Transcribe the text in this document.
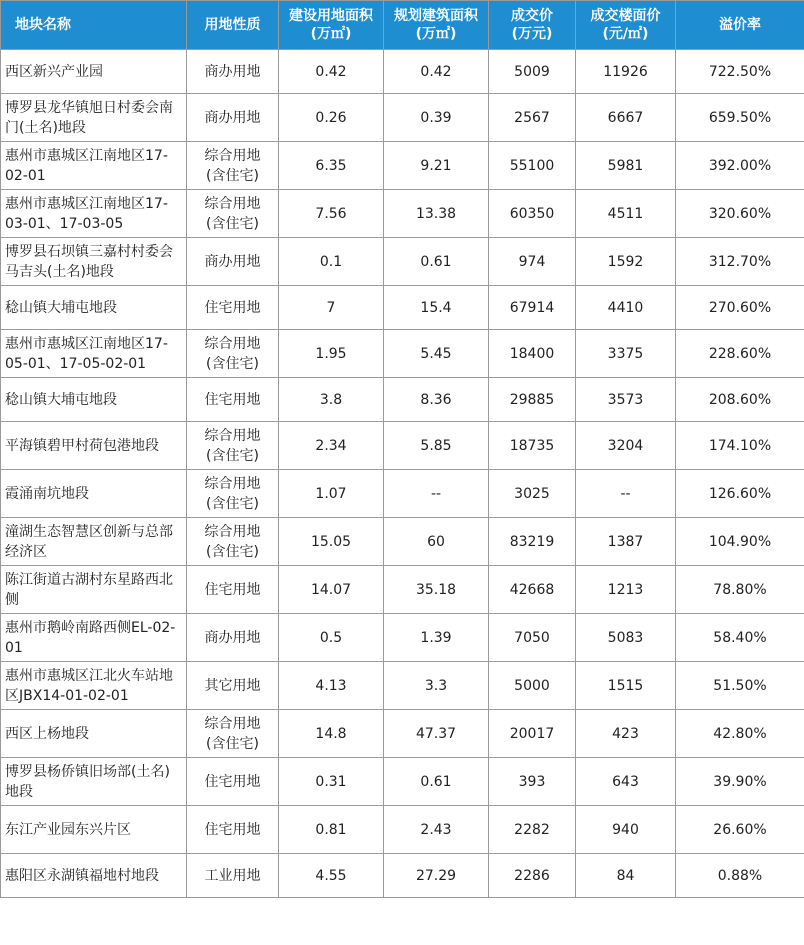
地块名称	用地性质	建设用地面积
(万㎡)	规划建筑面积
(万㎡)	成交价
(万元)	成交楼面价
(元/㎡)	溢价率

西区新兴产业园	商办用地	0.42	0.42	5009	11926	722.50%
博罗县龙华镇旭日村委会南门(土名)地段	商办用地	0.26	0.39	2567	6667	659.50%
惠州市惠城区江南地区17-02-01	综合用地
(含住宅)	6.35	9.21	55100	5981	392.00%
惠州市惠城区江南地区17-03-01、17-03-05	综合用地
(含住宅)	7.56	13.38	60350	4511	320.60%
博罗县石坝镇三嘉村村委会马吉头(土名)地段	商办用地	0.1	0.61	974	1592	312.70%
稔山镇大埔屯地段	住宅用地	7	15.4	67914	4410	270.60%
惠州市惠城区江南地区17-05-01、17-05-02-01	综合用地
(含住宅)	1.95	5.45	18400	3375	228.60%
稔山镇大埔屯地段	住宅用地	3.8	8.36	29885	3573	208.60%
平海镇碧甲村荷包港地段	综合用地
(含住宅)	2.34	5.85	18735	3204	174.10%
霞涌南坑地段	综合用地
(含住宅)	1.07	--	3025	--	126.60%
潼湖生态智慧区创新与总部经济区	综合用地
(含住宅)	15.05	60	83219	1387	104.90%
陈江街道古湖村东星路西北侧	住宅用地	14.07	35.18	42668	1213	78.80%
惠州市鹅岭南路西侧EL-02-01	商办用地	0.5	1.39	7050	5083	58.40%
惠州市惠城区江北火车站地区JBX14-01-02-01	其它用地	4.13	3.3	5000	1515	51.50%
西区上杨地段	综合用地
(含住宅)	14.8	47.37	20017	423	42.80%
博罗县杨侨镇旧场部(土名)地段	住宅用地	0.31	0.61	393	643	39.90%
东江产业园东兴片区	住宅用地	0.81	2.43	2282	940	26.60%
惠阳区永湖镇福地村地段	工业用地	4.55	27.29	2286	84	0.88%
